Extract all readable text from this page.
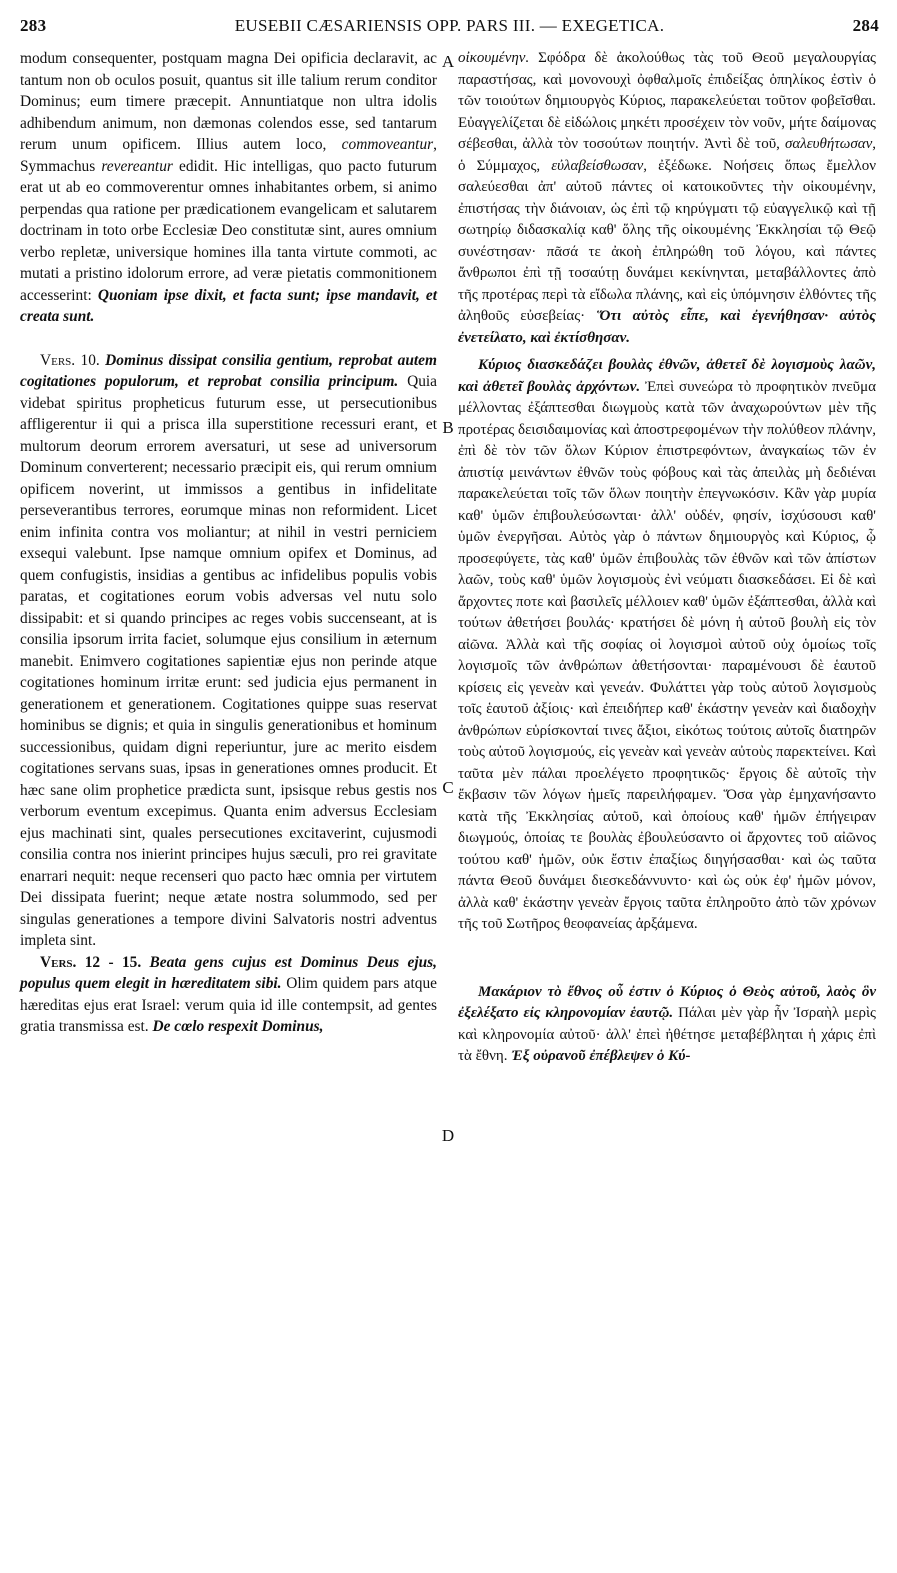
283	EUSEBII CÆSARIENSIS OPP. PARS III. — EXEGETICA.	284

modum consequenter, postquam magna Dei opificia declaravit, ac tantum non ob oculos posuit, quantus sit ille talium rerum conditor Dominus; eum timere præcepit. Annuntiatque non ultra idolis adhibendum animum, non dæmonas colendos esse, sed tantarum rerum unum opificem. Illius autem loco, commoveantur, Symmachus revereantur edidit. Hic intelligas, quo pacto futurum erat ut ab eo commoverentur omnes inhabitantes orbem, si animo perpendas qua ratione per prædicationem evangelicam et salutarem doctrinam in toto orbe Ecclesiæ Deo constitutæ sint, aures omnium verbo repletæ, universique homines illa tanta virtute commoti, ac mutati a pristino idolorum errore, ad veræ pietatis commonitionem accesserint: Quoniam ipse dixit, et facta sunt; ipse mandavit, et creata sunt.

Vers. 10. Dominus dissipat consilia gentium, reprobat autem cogitationes populorum, et reprobat consilia principum. Quia videbat spiritus propheticus futurum esse, ut persecutionibus affligerentur ii qui a prisca illa superstitione recessuri erant, et multorum deorum errorem aversaturi, ut sese ad universorum Dominum converterent; necessario præcipit eis, qui rerum omnium opificem noverint, ut immissos a gentibus in infidelitate perseverantibus terrores, eorumque minas non reformident. Licet enim infinita contra vos moliantur; at nihil in vestri perniciem exsequi valebunt. Ipse namque omnium opifex et Dominus, ad quem confugistis, insidias a gentibus ac infidelibus populis vobis paratas, et cogitationes eorum vobis adversas vel nutu solo dissipabit: et si quando principes ac reges vobis succenseant, at is consilia ipsorum irrita faciet, solumque ejus consilium in æternum manebit. Enimvero cogitationes sapientiæ ejus non perinde atque cogitationes hominum irritæ erunt: sed judicia ejus permanent in generationem et generationem. Cogitationes quippe suas reservat hominibus se dignis; et quia in singulis generationibus et hominum successionibus, quidam digni reperiuntur, jure ac merito eisdem cogitationes servans suas, ipsas in generationes omnes producit. Et hæc sane olim prophetice prædicta sunt, ipsisque rebus gestis nos verborum eventum excepimus. Quanta enim adversus Ecclesiam ejus machinati sint, quales persecutiones excitaverint, cujusmodi consilia contra nos inierint principes hujus sæculi, pro rei gravitate enarrari nequit: neque recenseri quo pacto hæc omnia per virtutem Dei dissipata fuerint; neque ætate nostra solummodo, sed per singulas generationes a tempore divini Salvatoris nostri adventus impleta sint.

Vers. 12 - 15. Beata gens cujus est Dominus Deus ejus, populus quem elegit in hæreditatem sibi. Olim quidem pars atque hæreditas ejus erat Israel: verum quia id ille contempsit, ad gentes gratia transmissa est. De cœlo respexit Dominus,

A
B
C
D

οἰκουμένην. Σφόδρα δὲ ἀκολούθως τὰς τοῦ Θεοῦ μεγαλουργίας παραστήσας, καὶ μονονουχὶ ὀφθαλμοῖς ἐπιδείξας ὁπηλίκος ἐστὶν ὁ τῶν τοιούτων δημιουργὸς Κύριος, παρακελεύεται τοῦτον φοβεῖσθαι. Εὐαγγελίζεται δὲ εἰδώλοις μηκέτι προσέχειν τὸν νοῦν, μήτε δαίμονας σέβεσθαι, ἀλλὰ τὸν τοσούτων ποιητήν. Ἀντὶ δὲ τοῦ, σαλευθήτωσαν, ὁ Σύμμαχος, εὐλαβείσθωσαν, ἐξέδωκε. Νοήσεις ὅπως ἔμελλον σαλεύεσθαι ἀπ' αὐτοῦ πάντες οἱ κατοικοῦντες τὴν οἰκουμένην, ἐπιστήσας τὴν διάνοιαν, ὡς ἐπὶ τῷ κηρύγματι τῷ εὐαγγελικῷ καὶ τῇ σωτηρίῳ διδασκαλίᾳ καθ' ὅλης τῆς οἰκουμένης Ἐκκλησίαι τῷ Θεῷ συνέστησαν· πᾶσά τε ἀκοὴ ἐπληρώθη τοῦ λόγου, καὶ πάντες ἄνθρωποι ἐπὶ τῇ τοσαύτῃ δυνάμει κεκίνηνται, μεταβάλλοντες ἀπὸ τῆς προτέρας περὶ τὰ εἴδωλα πλάνης, καὶ εἰς ὑπόμνησιν ἐλθόντες τῆς ἀληθοῦς εὐσεβείας· Ὅτι αὐτὸς εἶπε, καὶ ἐγενήθησαν· αὐτὸς ἐνετείλατο, καὶ ἐκτίσθησαν.

Κύριος διασκεδάζει βουλὰς ἐθνῶν, ἀθετεῖ δὲ λογισμοὺς λαῶν, καὶ ἀθετεῖ βουλὰς ἀρχόντων. Ἐπεὶ συνεώρα τὸ προφητικὸν πνεῦμα μέλλοντας ἐξάπτεσθαι διωγμοὺς κατὰ τῶν ἀναχωρούντων μὲν τῆς προτέρας δεισιδαιμονίας καὶ ἀποστρεφομένων τὴν πολύθεον πλάνην, ἐπὶ δὲ τὸν τῶν ὅλων Κύριον ἐπιστρεφόντων, ἀναγκαίως τῶν ἐν ἀπιστίᾳ μεινάντων ἐθνῶν τοὺς φόβους καὶ τὰς ἀπειλὰς μὴ δεδιέναι παρακελεύεται τοῖς τῶν ὅλων ποιητὴν ἐπεγνωκόσιν. Κἂν γὰρ μυρία καθ' ὑμῶν ἐπιβουλεύσωνται· ἀλλ' οὐδέν, φησίν, ἰσχύσουσι καθ' ὑμῶν ἐνεργῆσαι. Αὐτὸς γὰρ ὁ πάντων δημιουργὸς καὶ Κύριος, ᾧ προσεφύγετε, τὰς καθ' ὑμῶν ἐπιβουλὰς τῶν ἐθνῶν καὶ τῶν ἀπίστων λαῶν, τοὺς καθ' ὑμῶν λογισμοὺς ἐνὶ νεύματι διασκεδάσει. Εἰ δὲ καὶ ἄρχοντες ποτε καὶ βασιλεῖς μέλλοιεν καθ' ὑμῶν ἐξάπτεσθαι, ἀλλὰ καὶ τούτων ἀθετήσει βουλάς· κρατήσει δὲ μόνη ἡ αὐτοῦ βουλὴ εἰς τὸν αἰῶνα. Ἀλλὰ καὶ τῆς σοφίας οἱ λογισμοὶ αὐτοῦ οὐχ ὁμοίως τοῖς λογισμοῖς τῶν ἀνθρώπων ἀθετήσονται· παραμένουσι δὲ ἑαυτοῦ κρίσεις εἰς γενεὰν καὶ γενεάν. Φυλάττει γὰρ τοὺς αὐτοῦ λογισμοὺς τοῖς ἑαυτοῦ ἀξίοις· καὶ ἐπειδήπερ καθ' ἑκάστην γενεὰν καὶ διαδοχὴν ἀνθρώπων εὑρίσκονταί τινες ἄξιοι, εἰκότως τούτοις αὐτοῖς διατηρῶν τοὺς αὐτοῦ λογισμούς, εἰς γενεὰν καὶ γενεὰν αὐτοὺς παρεκτείνει. Καὶ ταῦτα μὲν πάλαι προελέγετο προφητικῶς· ἔργοις δὲ αὐτοῖς τὴν ἔκβασιν τῶν λόγων ἡμεῖς παρειλήφαμεν. Ὅσα γὰρ ἐμηχανήσαντο κατὰ τῆς Ἐκκλησίας αὐτοῦ, καὶ ὁποίους καθ' ἡμῶν ἐπήγειραν διωγμούς, ὁποίας τε βουλὰς ἐβουλεύσαντο οἱ ἄρχοντες τοῦ αἰῶνος τούτου καθ' ἡμῶν, οὐκ ἔστιν ἐπαξίως διηγήσασθαι· καὶ ὡς ταῦτα πάντα Θεοῦ δυνάμει διεσκεδάννυντο· καὶ ὡς οὐκ ἐφ' ἡμῶν μόνον, ἀλλὰ καθ' ἑκάστην γενεὰν ἔργοις ταῦτα ἐπληροῦτο ἀπὸ τῶν χρόνων τῆς τοῦ Σωτῆρος θεοφανείας ἀρξάμενα.

Μακάριον τὸ ἔθνος οὗ ἐστιν ὁ Κύριος ὁ Θεὸς αὐτοῦ, λαὸς ὃν ἐξελέξατο εἰς κληρονομίαν ἑαυτῷ. Πάλαι μὲν γὰρ ἦν Ἰσραὴλ μερὶς καὶ κληρονομία αὐτοῦ· ἀλλ' ἐπεὶ ἠθέτησε μεταβέβληται ἡ χάρις ἐπὶ τὰ ἔθνη. Ἐξ οὐρανοῦ ἐπέβλεψεν ὁ Κύ-
